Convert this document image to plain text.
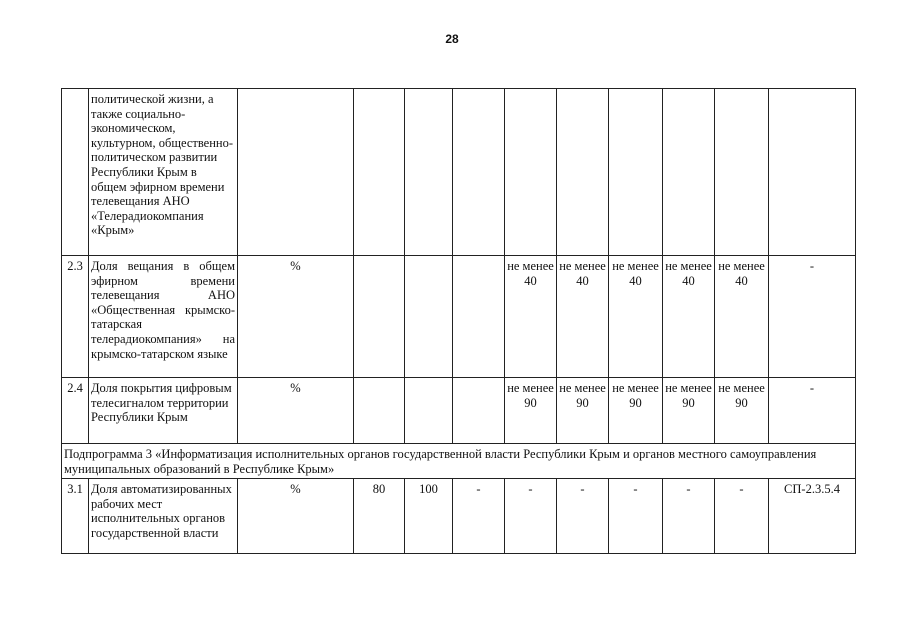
28
	политической жизни, а также социально-экономическом, культурном, общественно-политическом развитии Республики Крым в общем эфирном времени телевещания АНО «Телерадиокомпания «Крым»										
2.3	Доля вещания в общем эфирном времени телевещания АНО «Общественная крымско-татарская телерадиокомпания» на крымско-татарском языке	%				не менее 40	не менее 40	не менее 40	не менее 40	не менее 40	-
2.4	Доля покрытия цифровым телесигналом территории Республики Крым	%				не менее 90	не менее 90	не менее 90	не менее 90	не менее 90	-
Подпрограмма 3 «Информатизация исполнительных органов государственной власти Республики Крым и органов местного самоуправления муниципальных образований в Республике Крым»											
3.1	Доля автоматизированных рабочих мест исполнительных органов государственной власти	%	80	100	-	-	-	-	-	-	СП-2.3.5.4
